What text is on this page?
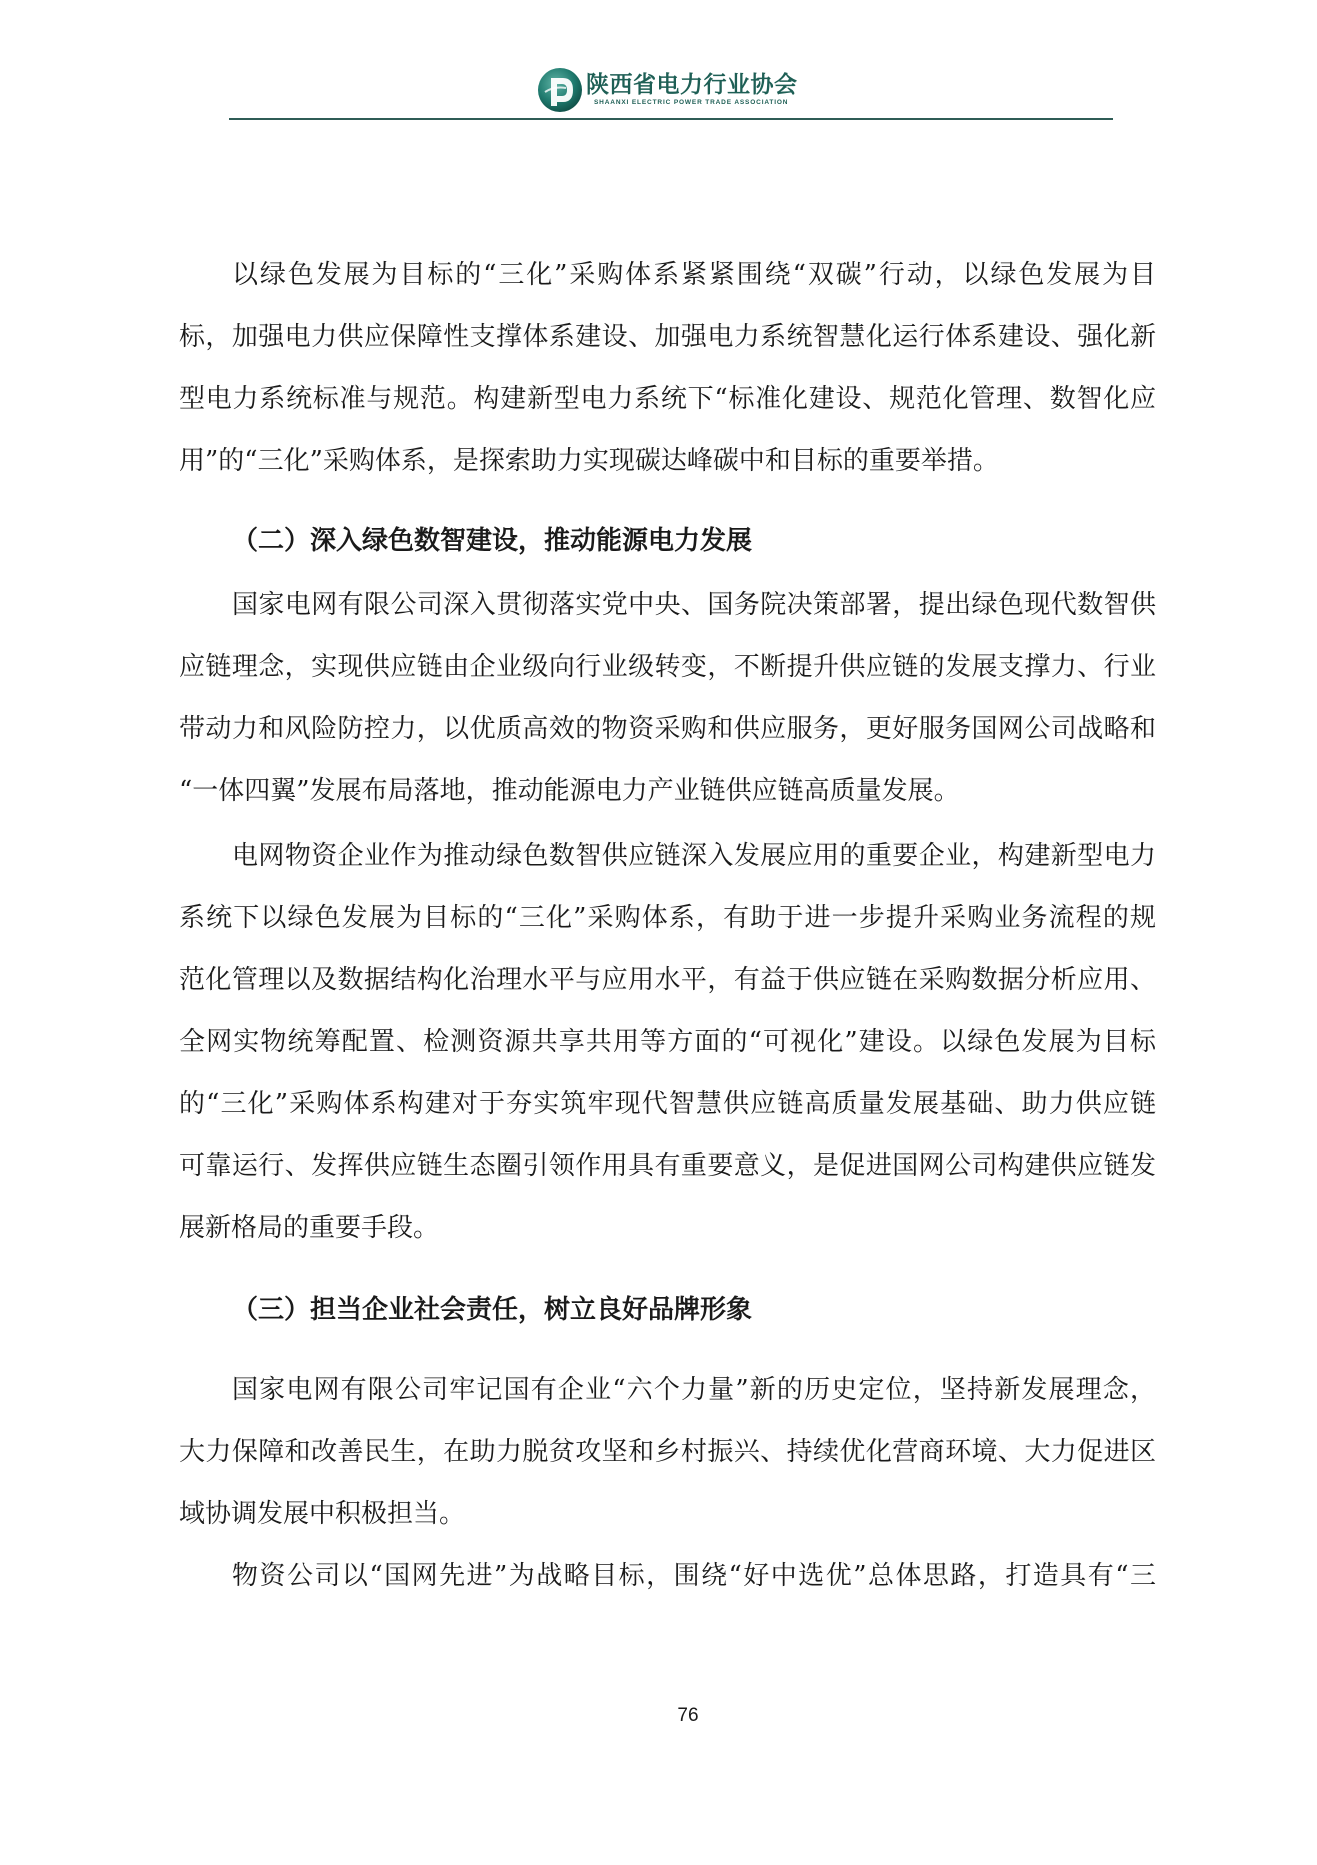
陕西省电力行业协会
SHAANXI ELECTRIC POWER TRADE ASSOCIATION
以绿色发展为目标的“三化”采购体系紧紧围绕“双碳”行动，以绿色发展为目
标，加强电力供应保障性支撑体系建设、加强电力系统智慧化运行体系建设、强化新
型电力系统标准与规范。构建新型电力系统下“标准化建设、规范化管理、数智化应
用”的“三化”采购体系，是探索助力实现碳达峰碳中和目标的重要举措。
（二）深入绿色数智建设，推动能源电力发展
国家电网有限公司深入贯彻落实党中央、国务院决策部署，提出绿色现代数智供
应链理念，实现供应链由企业级向行业级转变，不断提升供应链的发展支撑力、行业
带动力和风险防控力，以优质高效的物资采购和供应服务，更好服务国网公司战略和
“一体四翼”发展布局落地，推动能源电力产业链供应链高质量发展。
电网物资企业作为推动绿色数智供应链深入发展应用的重要企业，构建新型电力
系统下以绿色发展为目标的“三化”采购体系，有助于进一步提升采购业务流程的规
范化管理以及数据结构化治理水平与应用水平，有益于供应链在采购数据分析应用、
全网实物统筹配置、检测资源共享共用等方面的“可视化”建设。以绿色发展为目标
的“三化”采购体系构建对于夯实筑牢现代智慧供应链高质量发展基础、助力供应链
可靠运行、发挥供应链生态圈引领作用具有重要意义，是促进国网公司构建供应链发
展新格局的重要手段。
（三）担当企业社会责任，树立良好品牌形象
国家电网有限公司牢记国有企业“六个力量”新的历史定位，坚持新发展理念，
大力保障和改善民生，在助力脱贫攻坚和乡村振兴、持续优化营商环境、大力促进区
域协调发展中积极担当。
物资公司以“国网先进”为战略目标，围绕“好中选优”总体思路，打造具有“三
76
